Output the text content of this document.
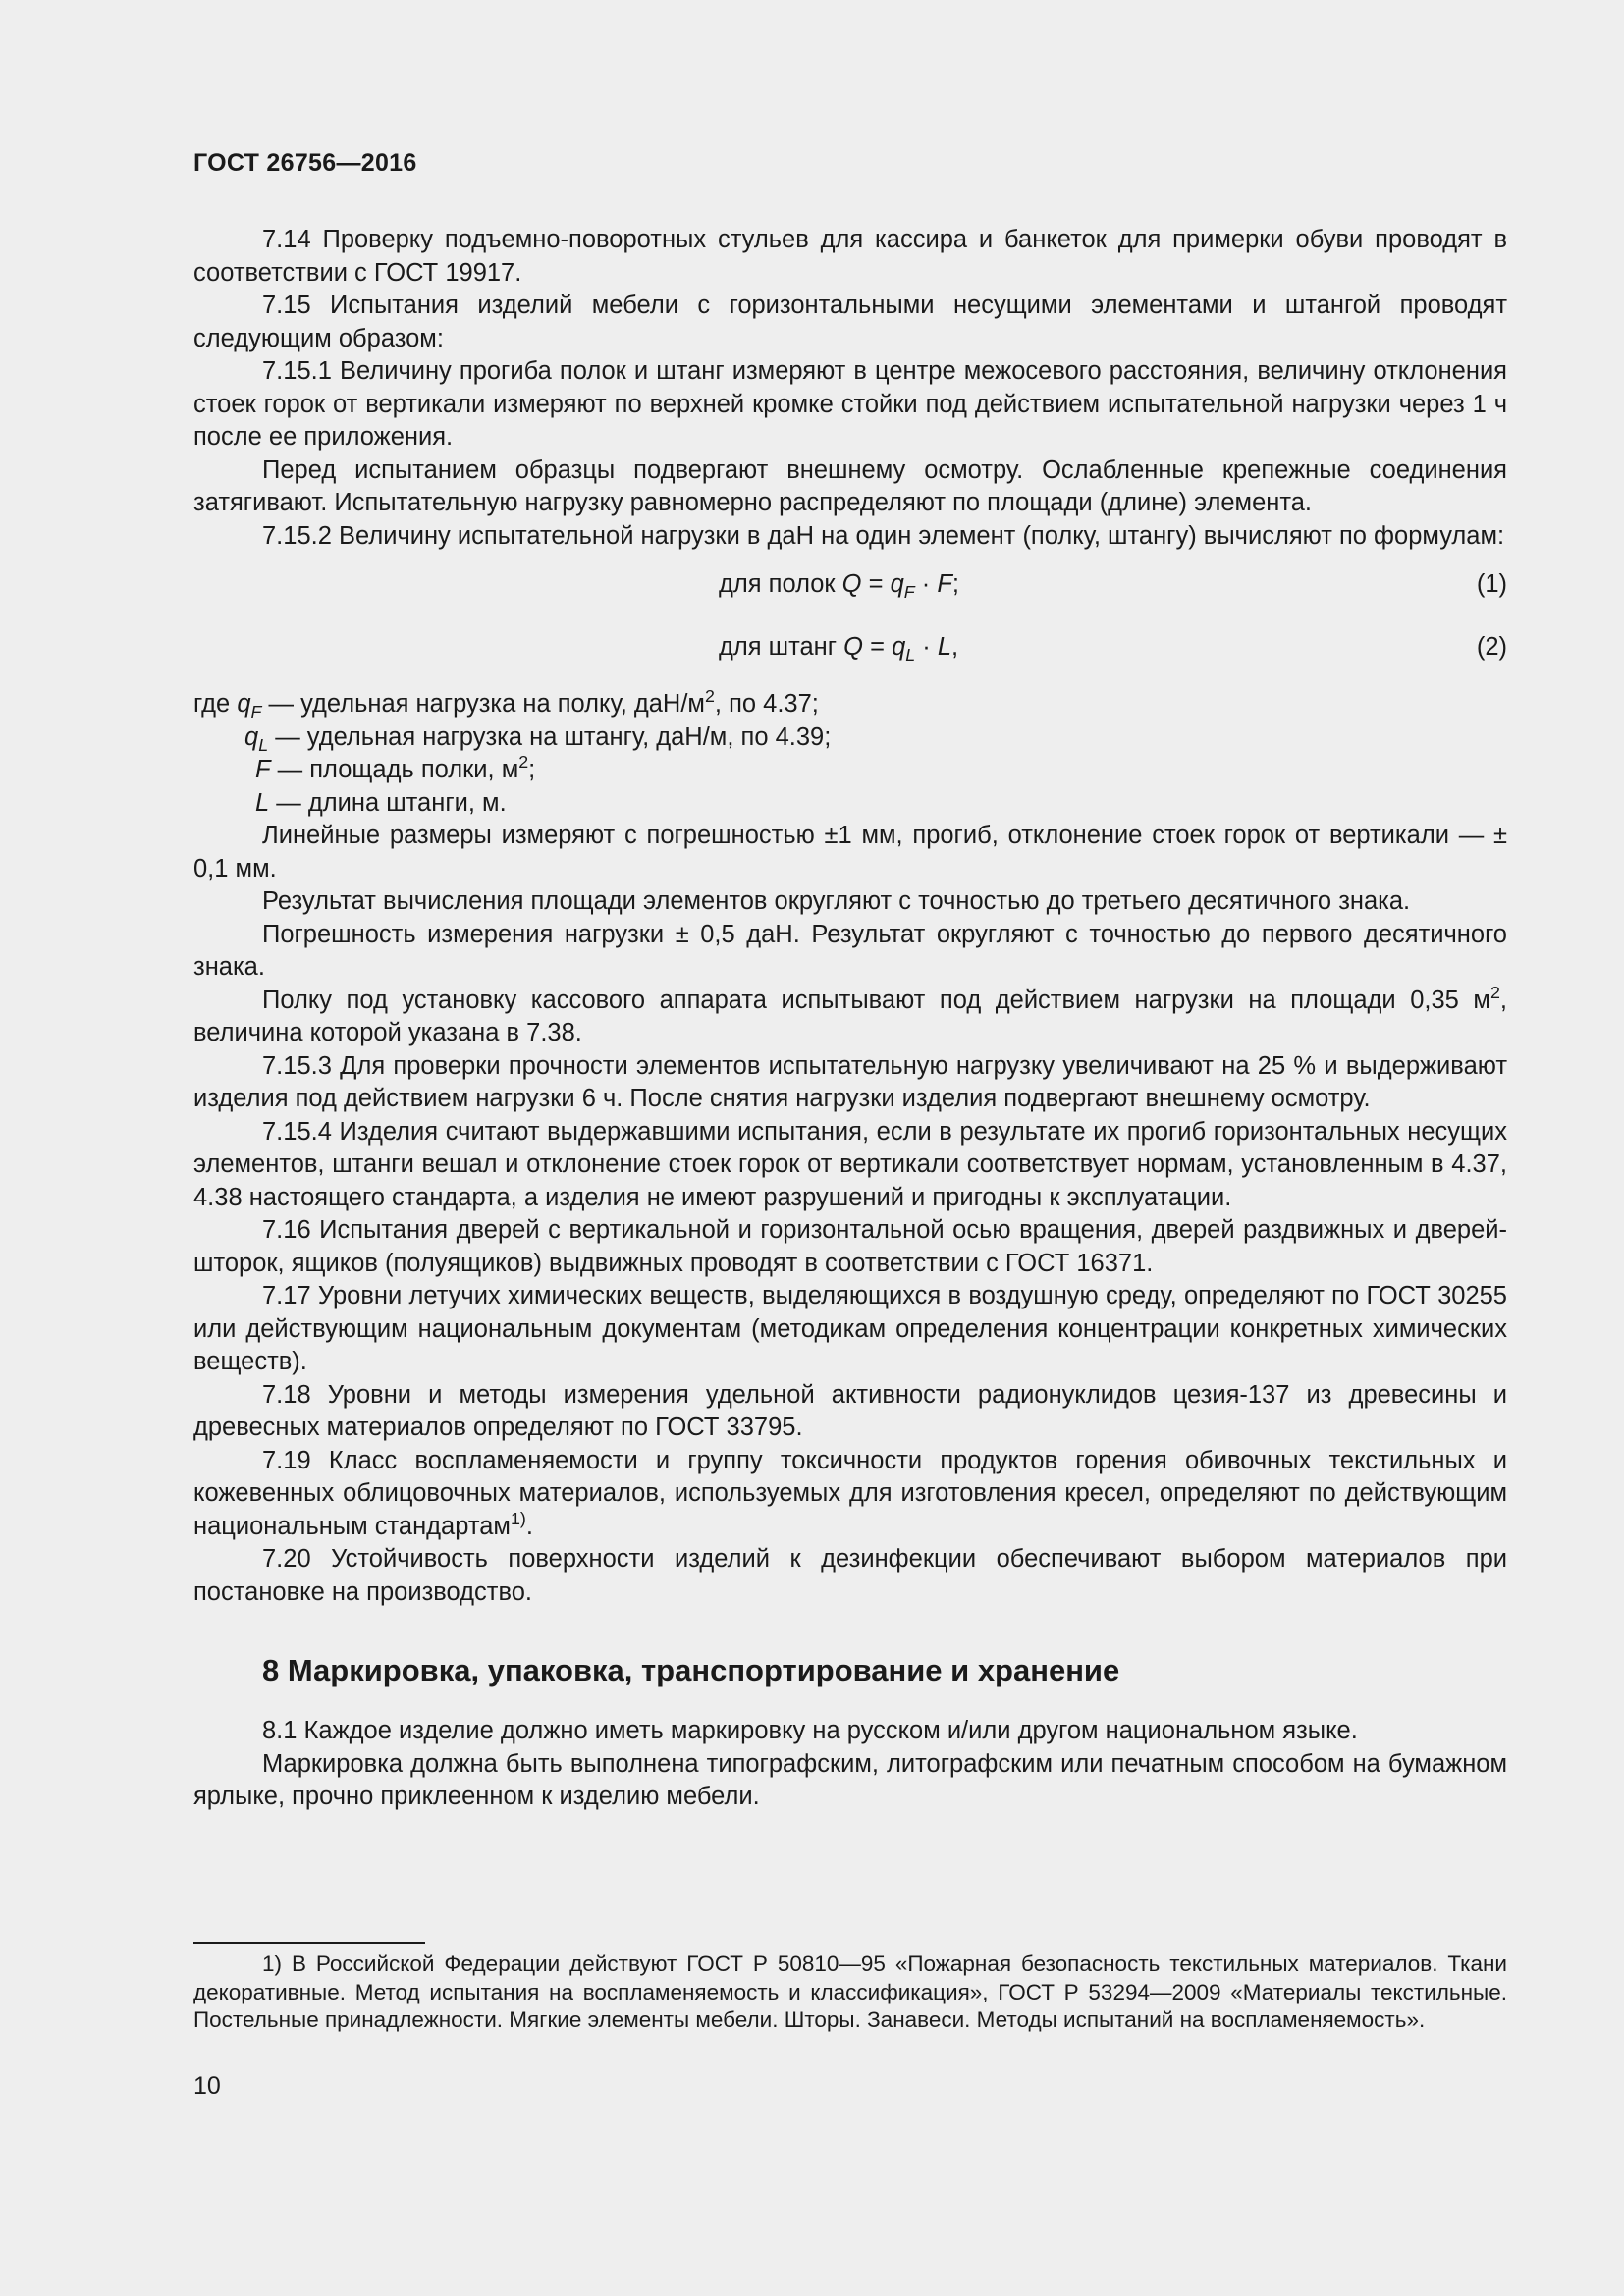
ГОСТ 26756—2016

7.14 Проверку подъемно-поворотных стульев для кассира и банкеток для примерки обуви проводят в соответствии с ГОСТ 19917.

7.15 Испытания изделий мебели с горизонтальными несущими элементами и штангой проводят следующим образом:

7.15.1 Величину прогиба полок и штанг измеряют в центре межосевого расстояния, величину отклонения стоек горок от вертикали измеряют по верхней кромке стойки под действием испытательной нагрузки через 1 ч после ее приложения.

Перед испытанием образцы подвергают внешнему осмотру. Ослабленные крепежные соединения затягивают. Испытательную нагрузку равномерно распределяют по площади (длине) элемента.

7.15.2 Величину испытательной нагрузки в даН на один элемент (полку, штангу) вычисляют по формулам:

для полок $Q = q_F \cdot F$;	(1)
для штанг $Q = q_L \cdot L$,	(2)

где $q_F$ — удельная нагрузка на полку, даН/$м^2$, по 4.37;

$q_L$ — удельная нагрузка на штангу, даН/м, по 4.39;

F — площадь полки, $м^2$;

L — длина штанги, м.

Линейные размеры измеряют с погрешностью ±1 мм, прогиб, отклонение стоек горок от вертикали — ± 0,1 мм.

Результат вычисления площади элементов округляют с точностью до третьего десятичного знака.

Погрешность измерения нагрузки ± 0,5 даН. Результат округляют с точностью до первого десятичного знака.

Полку под установку кассового аппарата испытывают под действием нагрузки на площади 0,35 $м^2$, величина которой указана в 7.38.

7.15.3 Для проверки прочности элементов испытательную нагрузку увеличивают на 25 % и выдерживают изделия под действием нагрузки 6 ч. После снятия нагрузки изделия подвергают внешнему осмотру.

7.15.4 Изделия считают выдержавшими испытания, если в результате их прогиб горизонтальных несущих элементов, штанги вешал и отклонение стоек горок от вертикали соответствует нормам, установленным в 4.37, 4.38 настоящего стандарта, а изделия не имеют разрушений и пригодны к эксплуатации.

7.16 Испытания дверей с вертикальной и горизонтальной осью вращения, дверей раздвижных и дверей-шторок, ящиков (полуящиков) выдвижных проводят в соответствии с ГОСТ 16371.

7.17 Уровни летучих химических веществ, выделяющихся в воздушную среду, определяют по ГОСТ 30255 или действующим национальным документам (методикам определения концентрации конкретных химических веществ).

7.18 Уровни и методы измерения удельной активности радионуклидов цезия-137 из древесины и древесных материалов определяют по ГОСТ 33795.

7.19 Класс воспламеняемости и группу токсичности продуктов горения обивочных текстильных и кожевенных облицовочных материалов, используемых для изготовления кресел, определяют по действующим национальным стандартам$^{1)}$.

7.20 Устойчивость поверхности изделий к дезинфекции обеспечивают выбором материалов при постановке на производство.

8 Маркировка, упаковка, транспортирование и хранение

8.1 Каждое изделие должно иметь маркировку на русском и/или другом национальном языке.

Маркировка должна быть выполнена типографским, литографским или печатным способом на бумажном ярлыке, прочно приклеенном к изделию мебели.

1) В Российской Федерации действуют ГОСТ Р 50810—95 «Пожарная безопасность текстильных материалов. Ткани декоративные. Метод испытания на воспламеняемость и классификация», ГОСТ Р 53294—2009 «Материалы текстильные. Постельные принадлежности. Мягкие элементы мебели. Шторы. Занавеси. Методы испытаний на воспламеняемость».

10
